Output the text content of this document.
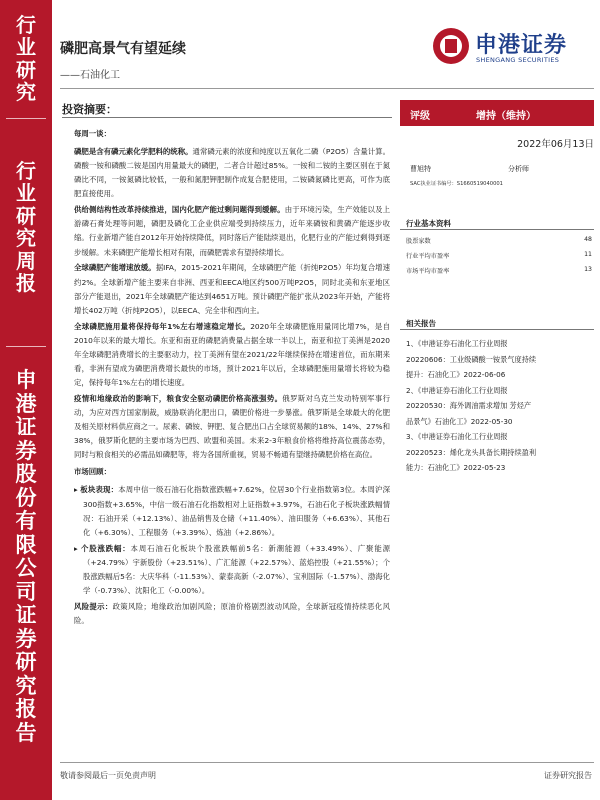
行
业
研
究
行
业
研
究
周
报
申
港
证
券
股
份
有
限
公
司
证
券
研
究
报
告
磷肥高景气有望延续
——石油化工
申港证券
SHENGANG SECURITIES
投资摘要：

每周一谈：

磷肥是含有磷元素化学肥料的统称。通常磷元素的浓度和纯度以五氧化二磷（P2O5）含量计算。磷酸一铵和磷酸二铵是国内用量最大的磷肥，二者合计超过85%。一铵和二铵的主要区别在于氮磷比不同，一铵氮磷比较低，一般和氮肥钾肥制作成复合肥使用，二铵磷氮磷比更高，可作为底肥直接使用。

供给侧结构性改革持续推进，国内化肥产能过剩问题得到缓解。由于环境污染，生产效能以及上游磷石膏处理等问题，磷肥及磷化工企业供应端受到持续压力，近年来磷铵和黄磷产能逐步收缩。行业新增产能自2012年开始持续降低，同时落后产能陆续退出，化肥行业的产能过剩得到逐步缓解。未来磷肥产能增长相对有限，而磷肥需求有望持续增长。

全球磷肥产能增速放缓。据IFA，2015-2021年期间，全球磷肥产能（折纯P2O5）年均复合增速约2%。全球新增产能主要来自非洲、西亚和EECA地区约500万吨P2O5，同时北美和东亚地区部分产能退出，2021年全球磷肥产能达到4651万吨。预计磷肥产能扩张从2023年开始，产能将增长402万吨（折纯P2O5），以EECA、完全非和西向主。

全球磷肥施用量将保持每年1%左右增速稳定增长。2020年全球磷肥施用量同比增7%，是自2010年以来的最大增长。东亚和南亚的磷肥消费量占据全球一半以上，南亚和拉丁美洲是2020年全球磷肥消费增长的主要驱动力，拉丁美洲有望在2021/22年继续保持在增速首位，而东期来看，非洲有望成为磷肥消费增长最快的市场，预计2021年以后，全球磷肥施用量增长将较为稳定，保持每年1%左右的增长速度。

疫情和地缘政治的影响下，粮食安全驱动磷肥价格高涨强势。俄罗斯对乌克兰发动特别军事行动，为应对西方国家制裁，威胁联消化肥出口，磷肥价格进一步暴涨。俄罗斯是全球最大的化肥及相关原材料供应商之一。尿素、磷铵、钾肥、复合肥出口占全球贸易额的18%、14%、27%和38%，俄罗斯化肥的主要市场为巴西、欧盟和美国。未来2-3年粮食价格将维持高位震荡态势，同时与粮食相关的必需品如磷肥等，将为各国所重视，贸易不畅通有望继持磷肥价格在高位。

市场回顾：

▸ 板块表现：本周中信一级石油石化指数涨跌幅+7.62%，位居30个行业指数第3位。本周沪深300指数+3.65%，中信一级石油石化指数相对上证指数+3.97%，石油石化子板块涨跌幅情况：石油开采（+12.13%）、油品销售及仓储（+11.40%）、油田服务（+6.63%）、其他石化（+6.30%）、工程服务（+3.39%）、炼油（+2.86%）。

▸ 个股涨跌幅：本周石油石化板块个股涨跌幅前5名：新潮能源（+33.49%）、广聚能源（+24.79%）宇新股份（+23.51%）、广汇能源（+22.57%）、蓝焰控股（+21.55%）；个股涨跌幅后5名：大庆华科（-11.53%）、蒙泰高新（-2.07%）、宝利国际（-1.57%）、渤海化学（-0.73%）、沈阳化工（-0.00%）。

风险提示：政策风险；地缘政治加剧风险；原油价格剧烈波动风险，全球新冠疫情持续恶化风险。

评级	增持（维持）
2022年06月13日
曹旭特	分析师
SAC执业证书编号：S1660519040001
行业基本资料
股票家数	48
行业平均市盈率	11
市场平均市盈率	13
相关报告
1、《申港证券石油化工行业周报
20220606：工业级磷酸一铵景气度持续
提升：石油化工》2022-06-06
2、《申港证券石油化工行业周报
20220530：海外调油需求增加 芳烃产
品景气》石油化工》2022-05-30
3、《申港证券石油化工行业周报
20220523：烯化龙头具备长期持续盈利
能力：石油化工》2022-05-23
敬请参阅最后一页免责声明	证券研究报告
